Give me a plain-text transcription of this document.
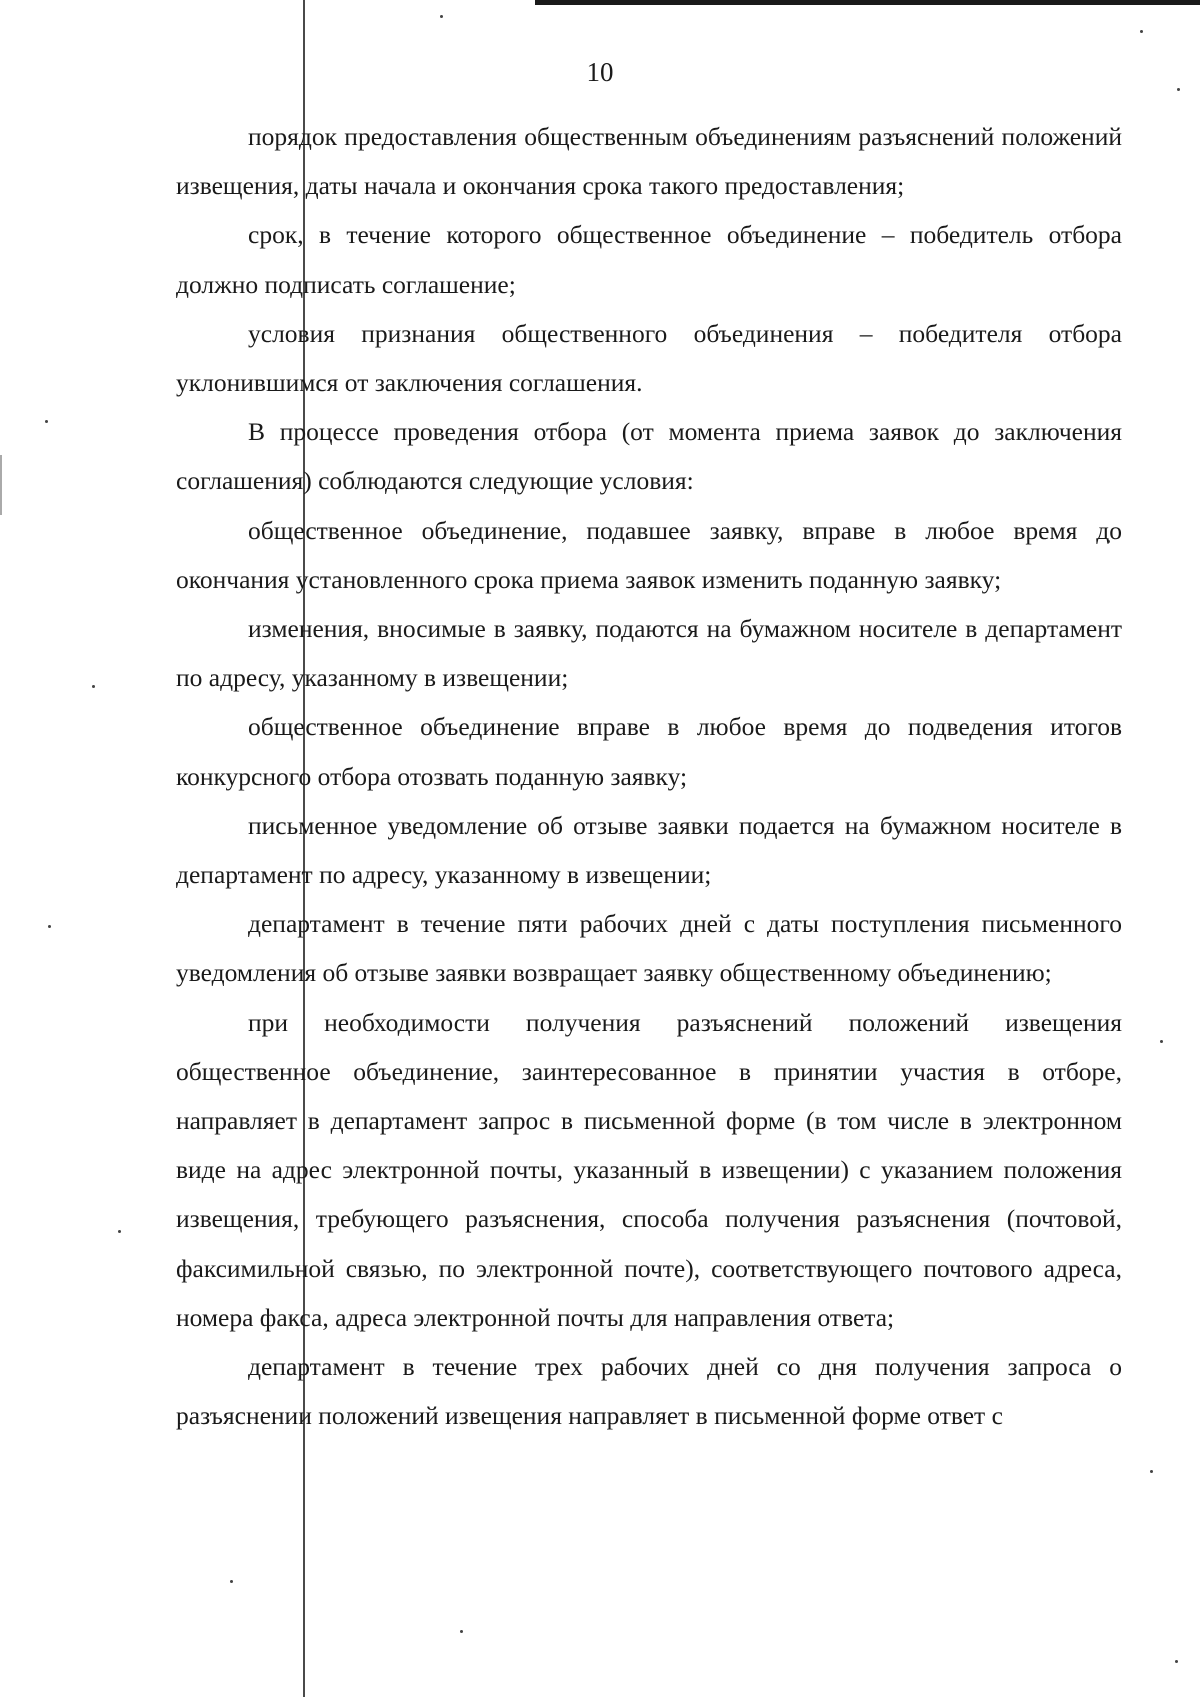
10

порядок предоставления общественным объединениям разъяснений положений извещения, даты начала и окончания срока такого предоставления;

срок, в течение которого общественное объединение – победитель отбора должно подписать соглашение;

условия признания общественного объединения – победителя отбора уклонившимся от заключения соглашения.

В процессе проведения отбора (от момента приема заявок до заключения соглашения) соблюдаются следующие условия:

общественное объединение, подавшее заявку, вправе в любое время до окончания установленного срока приема заявок изменить поданную заявку;

изменения, вносимые в заявку, подаются на бумажном носителе в департамент по адресу, указанному в извещении;

общественное объединение вправе в любое время до подведения итогов конкурсного отбора отозвать поданную заявку;

письменное уведомление об отзыве заявки подается на бумажном носителе в департамент по адресу, указанному в извещении;

департамент в течение пяти рабочих дней с даты поступления письменного уведомления об отзыве заявки возвращает заявку общественному объединению;

при необходимости получения разъяснений положений извещения общественное объединение, заинтересованное в принятии участия в отборе, направляет в департамент запрос в письменной форме (в том числе в электронном виде на адрес электронной почты, указанный в извещении) с указанием положения извещения, требующего разъяснения, способа получения разъяснения (почтовой, факсимильной связью, по электронной почте), соответствующего почтового адреса, номера факса, адреса электронной почты для направления ответа;

департамент в течение трех рабочих дней со дня получения запроса о разъяснении положений извещения направляет в письменной форме ответ с
